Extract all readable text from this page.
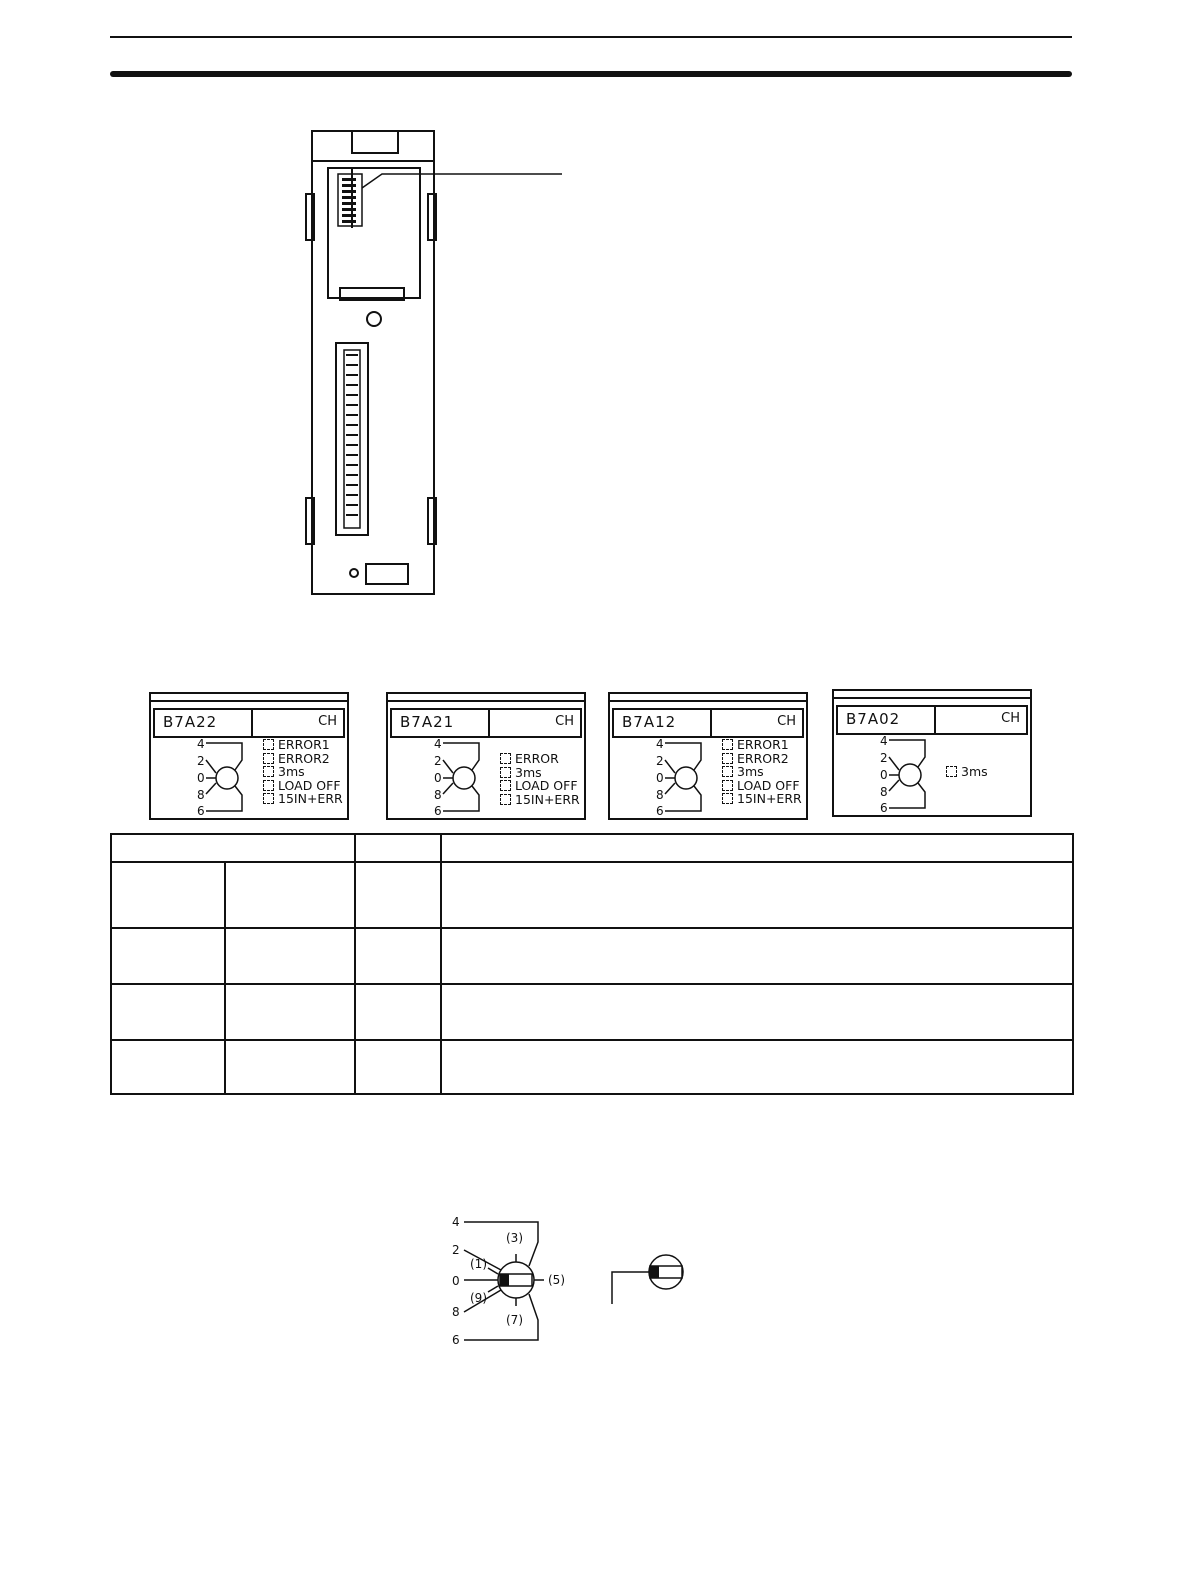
B7A22	CH
4
2
0
8
6
ERROR1
ERROR2
3ms
LOAD OFF
15IN+ERR
B7A21	CH
4
2
0
8
6
ERROR
3ms
LOAD OFF
15IN+ERR
B7A12	CH
4
2
0
8
6
ERROR1
ERROR2
3ms
LOAD OFF
15IN+ERR
B7A02	CH
4
2
0
8
6
3ms

4
2
0
8
6
(3)
(1)
(9)
(5)
(7)
